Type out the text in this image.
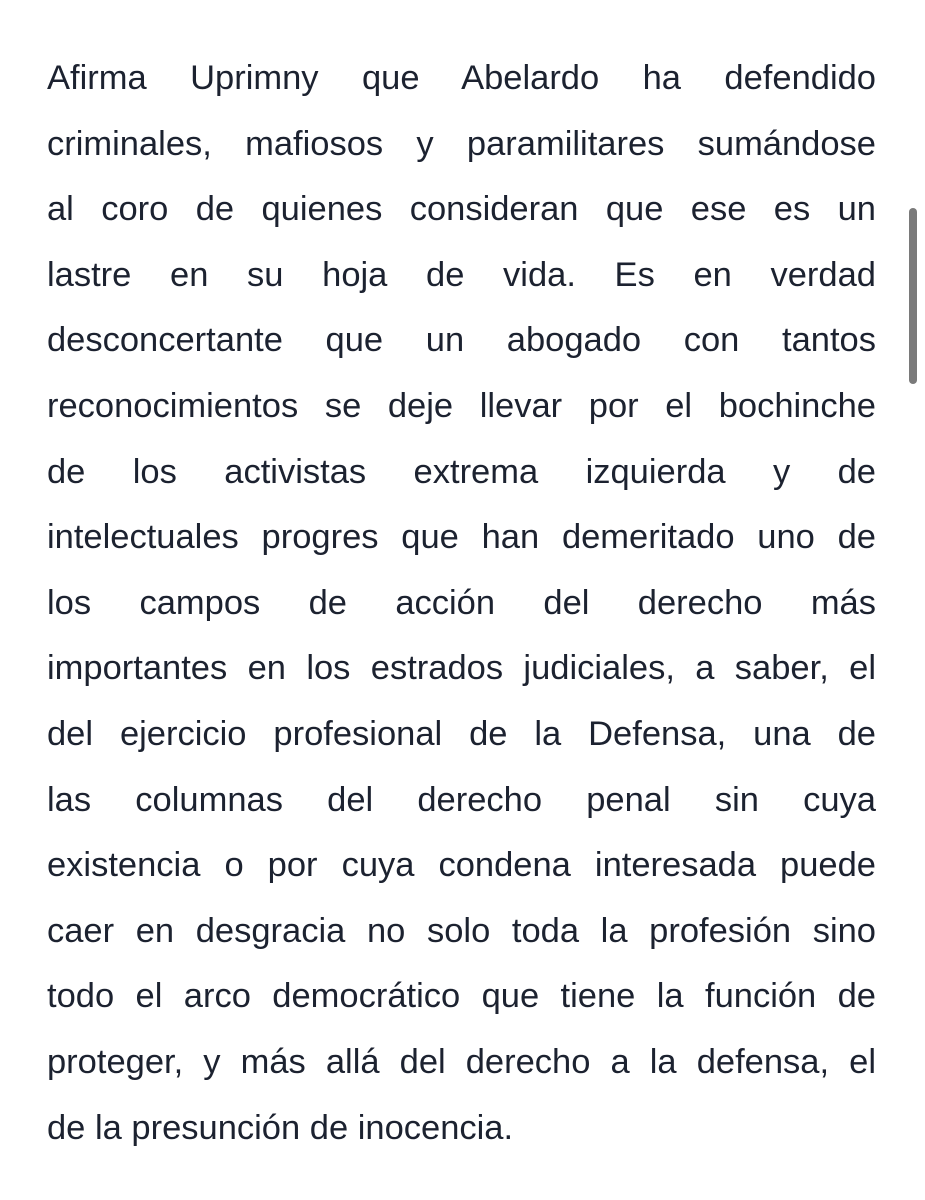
Afirma Uprimny que Abelardo ha defendido
criminales, mafiosos y paramilitares sumándose
al coro de quienes consideran que ese es un
lastre en su hoja de vida. Es en verdad
desconcertante que un abogado con tantos
reconocimientos se deje llevar por el bochinche
de los activistas extrema izquierda y de
intelectuales progres que han demeritado uno de
los campos de acción del derecho más
importantes en los estrados judiciales, a saber, el
del ejercicio profesional de la Defensa, una de
las columnas del derecho penal sin cuya
existencia o por cuya condena interesada puede
caer en desgracia no solo toda la profesión sino
todo el arco democrático que tiene la función de
proteger, y más allá del derecho a la defensa, el
de la presunción de inocencia.
